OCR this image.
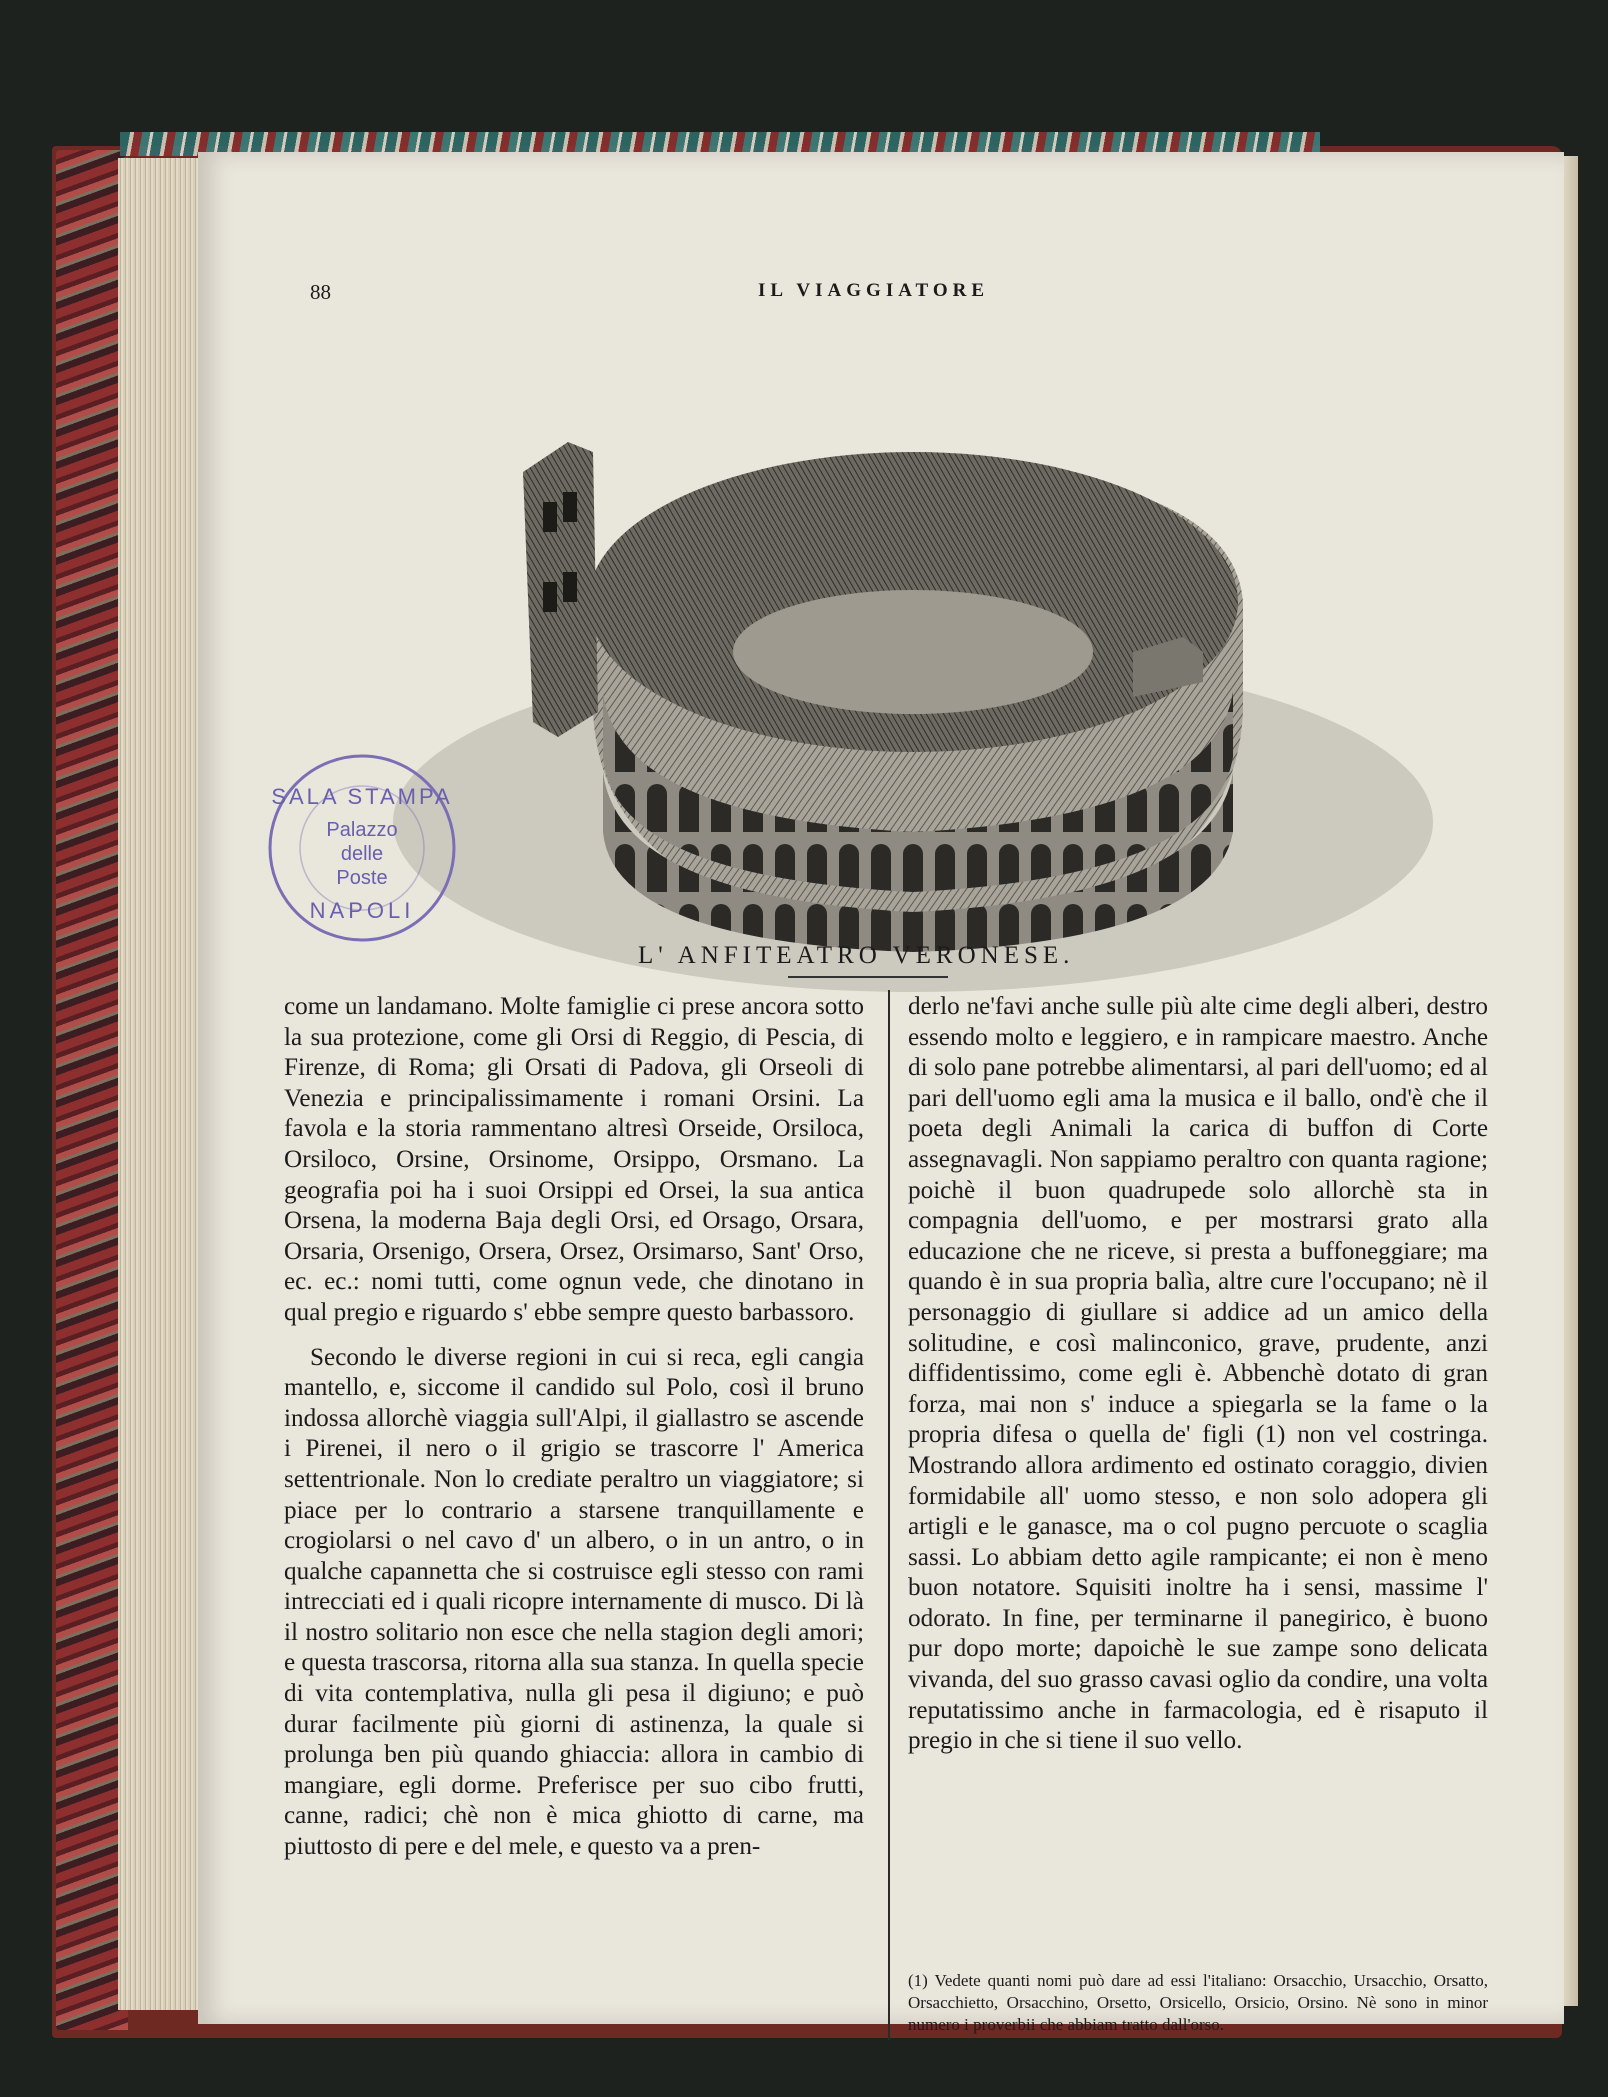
88	IL VIAGGIATORE
SALA STAMPA
Palazzo
delle
Poste
NAPOLI
L' ANFITEATRO VERONESE.

come un landamano. Molte famiglie ci prese ancora sotto la sua protezione, come gli Orsi di Reggio, di Pescia, di Firenze, di Roma; gli Orsati di Padova, gli Orseoli di Venezia e principalissimamente i romani Orsini. La favola e la storia rammentano altresì Orseide, Orsiloca, Orsiloco, Orsine, Orsinome, Orsippo, Orsmano. La geografia poi ha i suoi Orsippi ed Orsei, la sua antica Orsena, la moderna Baja degli Orsi, ed Orsago, Orsara, Orsaria, Orsenigo, Orsera, Orsez, Orsimarso, Sant' Orso, ec. ec.: nomi tutti, come ognun vede, che dinotano in qual pregio e riguardo s' ebbe sempre questo barbassoro.

Secondo le diverse regioni in cui si reca, egli cangia mantello, e, siccome il candido sul Polo, così il bruno indossa allorchè viaggia sull'Alpi, il giallastro se ascende i Pirenei, il nero o il grigio se trascorre l' America settentrionale. Non lo crediate peraltro un viaggiatore; si piace per lo contrario a starsene tranquillamente e crogiolarsi o nel cavo d' un albero, o in un antro, o in qualche capannetta che si costruisce egli stesso con rami intrecciati ed i quali ricopre internamente di musco. Di là il nostro solitario non esce che nella stagion degli amori; e questa trascorsa, ritorna alla sua stanza. In quella specie di vita contemplativa, nulla gli pesa il digiuno; e può durar facilmente più giorni di astinenza, la quale si prolunga ben più quando ghiaccia: allora in cambio di mangiare, egli dorme. Preferisce per suo cibo frutti, canne, radici; chè non è mica ghiotto di carne, ma piuttosto di pere e del mele, e questo va a pren-

derlo ne'favi anche sulle più alte cime degli alberi, destro essendo molto e leggiero, e in rampicare maestro. Anche di solo pane potrebbe alimentarsi, al pari dell'uomo; ed al pari dell'uomo egli ama la musica e il ballo, ond'è che il poeta degli Animali la carica di buffon di Corte assegnavagli. Non sappiamo peraltro con quanta ragione; poichè il buon quadrupede solo allorchè sta in compagnia dell'uomo, e per mostrarsi grato alla educazione che ne riceve, si presta a buffoneggiare; ma quando è in sua propria balìa, altre cure l'occupano; nè il personaggio di giullare si addice ad un amico della solitudine, e così malinconico, grave, prudente, anzi diffidentissimo, come egli è. Abbenchè dotato di gran forza, mai non s' induce a spiegarla se la fame o la propria difesa o quella de' figli (1) non vel costringa. Mostrando allora ardimento ed ostinato coraggio, divien formidabile all' uomo stesso, e non solo adopera gli artigli e le ganasce, ma o col pugno percuote o scaglia sassi. Lo abbiam detto agile rampicante; ei non è meno buon notatore. Squisiti inoltre ha i sensi, massime l' odorato. In fine, per terminarne il panegirico, è buono pur dopo morte; dapoichè le sue zampe sono delicata vivanda, del suo grasso cavasi oglio da condire, una volta reputatissimo anche in farmacologia, ed è risaputo il pregio in che si tiene il suo vello.

(1) Vedete quanti nomi può dare ad essi l'italiano: Orsacchio, Ursacchio, Orsatto, Orsacchietto, Orsacchino, Orsetto, Orsicello, Orsicio, Orsino. Nè sono in minor numero i proverbii che abbiam tratto dall'orso.
